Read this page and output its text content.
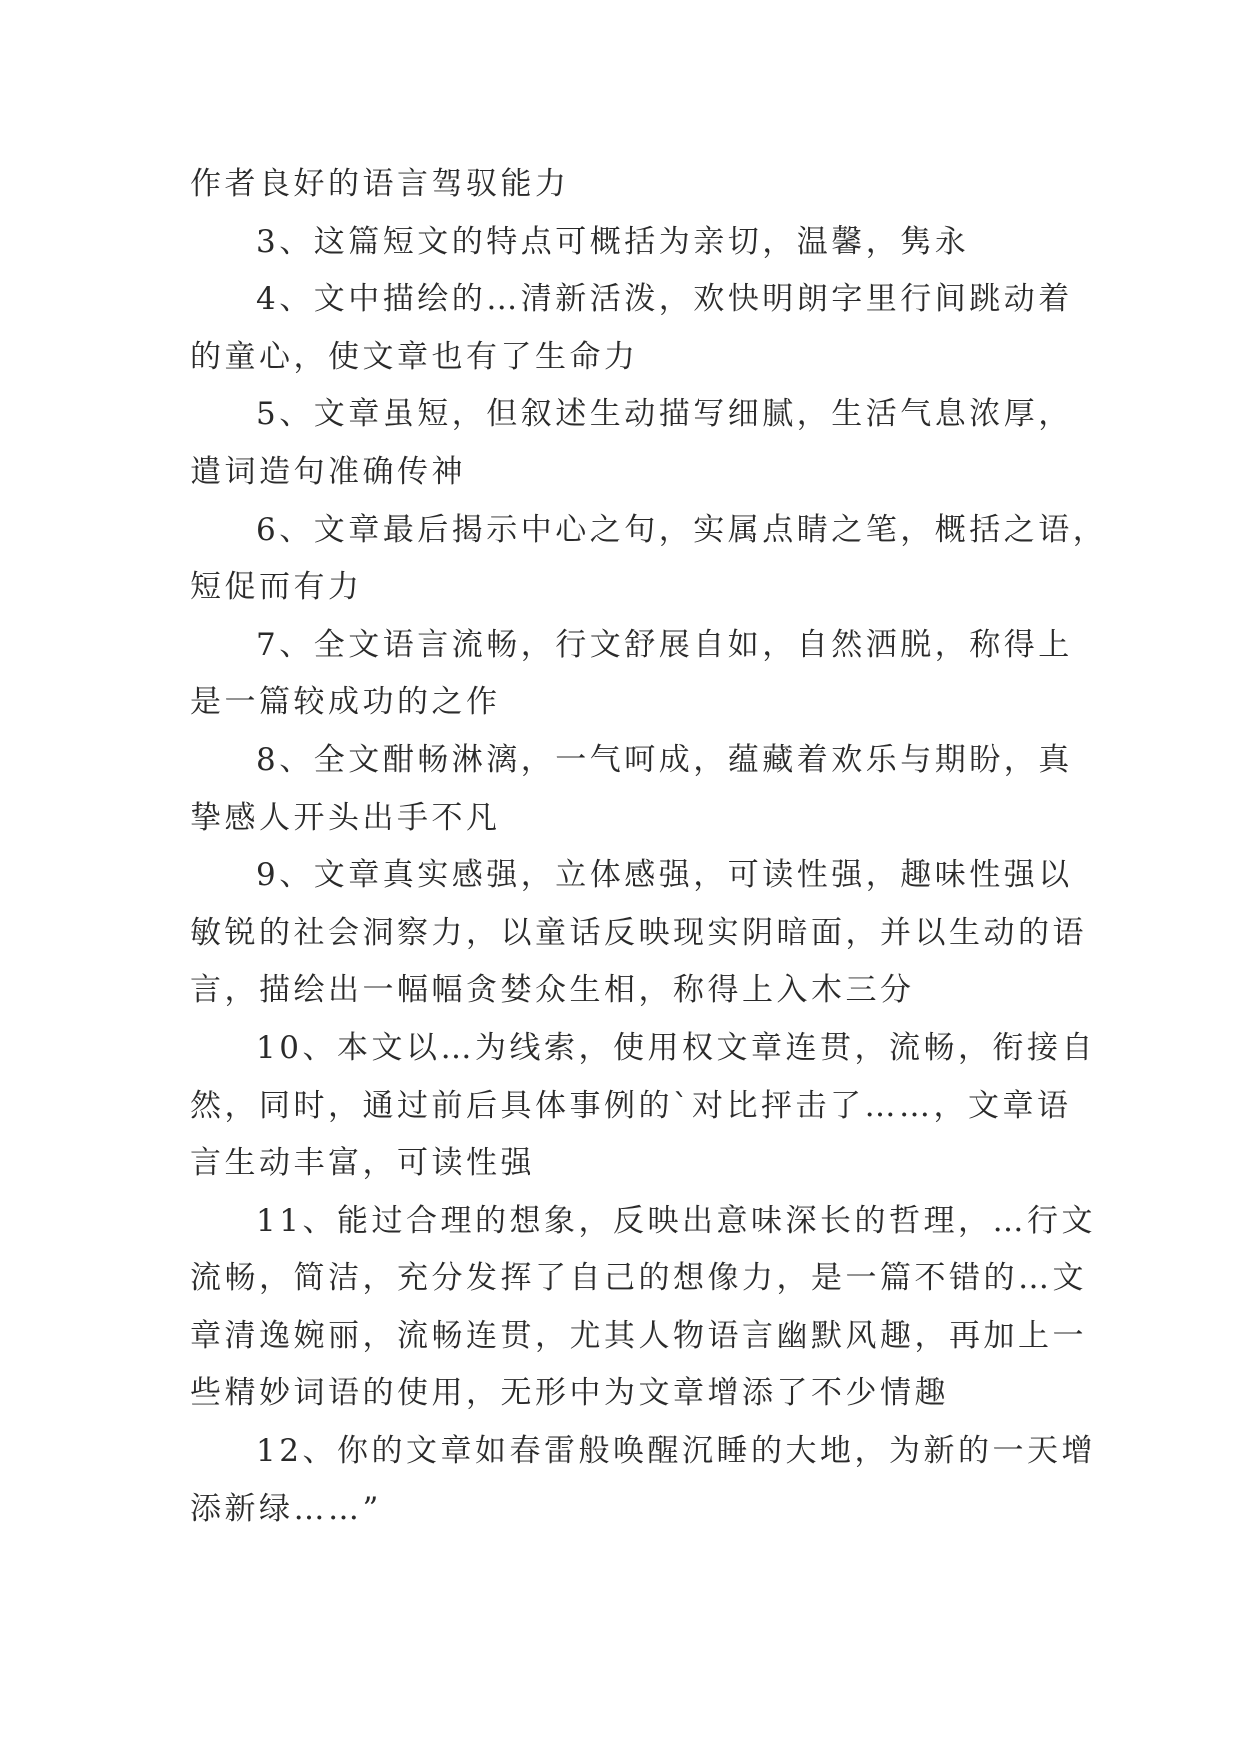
作者良好的语言驾驭能力
3、这篇短文的特点可概括为亲切，温馨，隽永
4、文中描绘的…清新活泼，欢快明朗字里行间跳动着
的童心，使文章也有了生命力
5、文章虽短，但叙述生动描写细腻，生活气息浓厚，
遣词造句准确传神
6、文章最后揭示中心之句，实属点睛之笔，概括之语，
短促而有力
7、全文语言流畅，行文舒展自如，自然洒脱，称得上
是一篇较成功的之作
8、全文酣畅淋漓，一气呵成，蕴藏着欢乐与期盼，真
挚感人开头出手不凡
9、文章真实感强，立体感强，可读性强，趣味性强以
敏锐的社会洞察力，以童话反映现实阴暗面，并以生动的语
言，描绘出一幅幅贪婪众生相，称得上入木三分
10、本文以…为线索，使用权文章连贯，流畅，衔接自
然，同时，通过前后具体事例的`对比抨击了……，文章语
言生动丰富，可读性强
11、能过合理的想象，反映出意味深长的哲理，…行文
流畅，简洁，充分发挥了自己的想像力，是一篇不错的…文
章清逸婉丽，流畅连贯，尤其人物语言幽默风趣，再加上一
些精妙词语的使用，无形中为文章增添了不少情趣
12、你的文章如春雷般唤醒沉睡的大地，为新的一天增
添新绿……”
